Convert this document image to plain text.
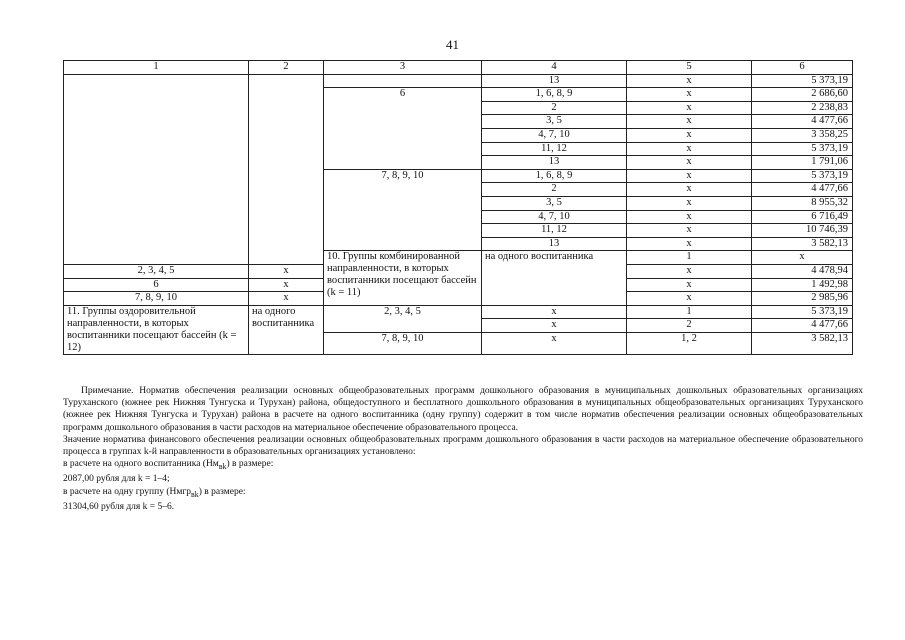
41
1	2	3	4	5	6	
			13	x	5 373,19	
		6	1, 6, 8, 9	x	2 686,60	
			2	x	2 238,83	
			3, 5	x	4 477,66	
			4, 7, 10	x	3 358,25	
			11, 12	x	5 373,19	
			13	x	1 791,06	
		7, 8, 9, 10	1, 6, 8, 9	x	5 373,19	
			2	x	4 477,66	
			3, 5	x	8 955,32	
			4, 7, 10	x	6 716,49	
			11, 12	x	10 746,39	
			13	x	3 582,13	
		10. Группы комбинированной направленности, в которых воспитанники посещают бассейн (k = 11)	на одного воспитанника	1	x		
2, 3, 4, 5	x			x	4 478,94	
6	x			x	1 492,98	
7, 8, 9, 10	x			x	2 985,96	
11. Группы оздоровительной направленности, в которых воспитанники посещают бассейн (k = 12)	на одного воспитанника	2, 3, 4, 5	x	1	5 373,19	
			x	2	4 477,66	
		7, 8, 9, 10	x	1, 2	3 582,13	

Примечание. Норматив обеспечения реализации основных общеобразовательных программ дошкольного образования в муниципальных дошкольных образовательных организациях Туруханского (южнее рек Нижняя Тунгуска и Турухан) района, общедоступного и бесплатного дошкольного образования в муниципальных общеобразовательных организациях Туруханского (южнее рек Нижняя Тунгуска и Турухан) района в расчете на одного воспитанника (одну группу) содержит в том числе норматив обеспечения реализации основных общеобразовательных программ дошкольного образования в части расходов на материальное обеспечение образовательного процесса.

Значение норматива финансового обеспечения реализации основных общеобразовательных программ дошкольного образования в части расходов на материальное обеспечение образовательного процесса в группах k-й направленности в образовательных организациях установлено:

в расчете на одного воспитанника $(Нм_{вk})$ в размере:

2087,00 рубля для k = 1–4;

в расчете на одну группу (Нмгр$_{вk}$) в размере:

31304,60 рубля для k = 5–6.
